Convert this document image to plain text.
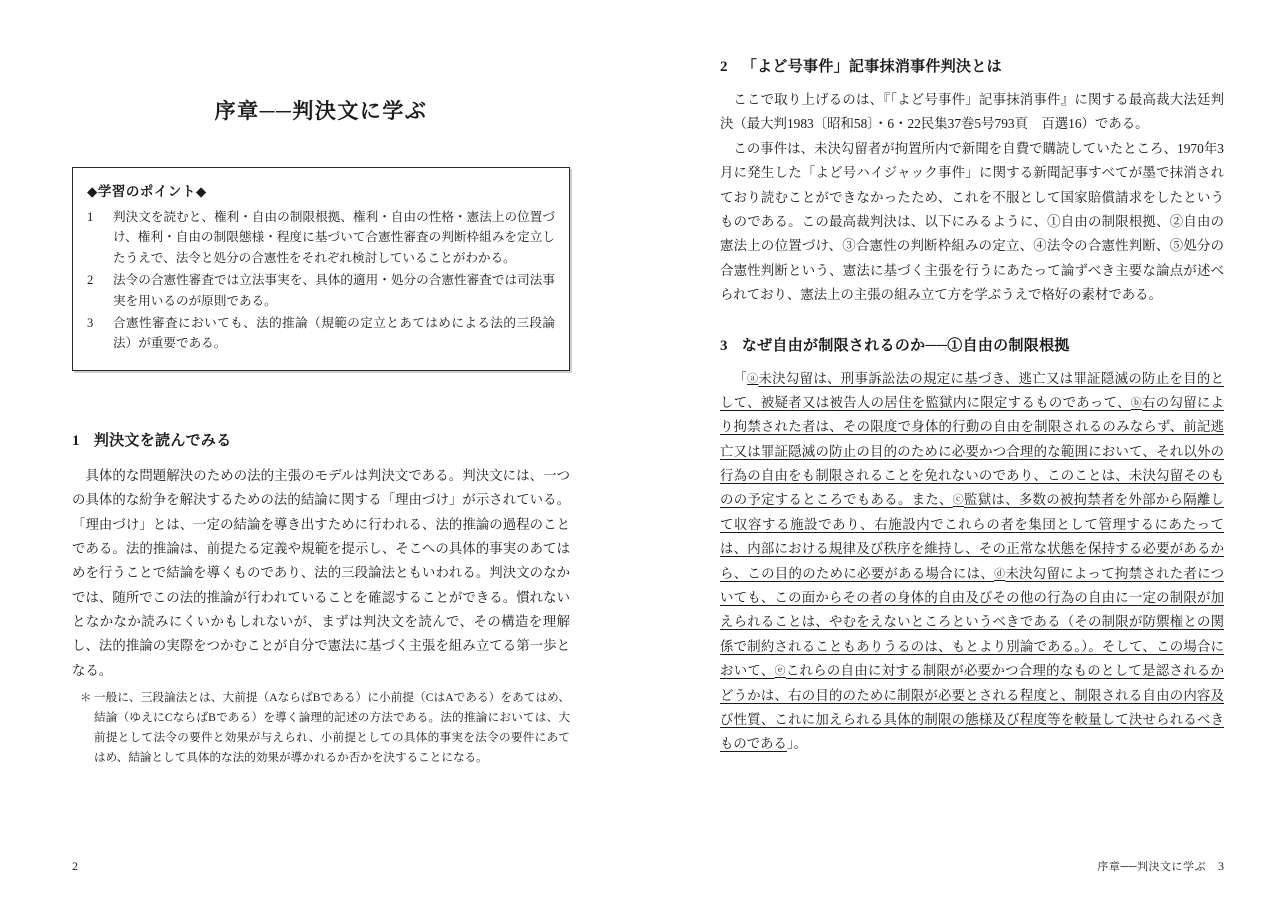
序章──判決文に学ぶ
◆学習のポイント◆
1	判決文を読むと、権利・自由の制限根拠、権利・自由の性格・憲法上の位置づけ、権利・自由の制限態様・程度に基づいて合憲性審査の判断枠組みを定立したうえで、法令と処分の合憲性をそれぞれ検討していることがわかる。
2	法令の合憲性審査では立法事実を、具体的適用・処分の合憲性審査では司法事実を用いるのが原則である。
3	合憲性審査においても、法的推論（規範の定立とあてはめによる法的三段論法）が重要である。
1 判決文を読んでみる

具体的な問題解決のための法的主張のモデルは判決文である。判決文には、一つの具体的な紛争を解決するための法的結論に関する「理由づけ」が示されている。「理由づけ」とは、一定の結論を導き出すために行われる、法的推論の過程のことである。法的推論は、前提たる定義や規範を提示し、そこへの具体的事実のあてはめを行うことで結論を導くものであり、法的三段論法ともいわれる。判決文のなかでは、随所でこの法的推論が行われていることを確認することができる。慣れないとなかなか読みにくいかもしれないが、まずは判決文を読んで、その構造を理解し、法的推論の実際をつかむことが自分で憲法に基づく主張を組み立てる第一歩となる。

＊ 一般に、三段論法とは、大前提（AならばBである）に小前提（CはAである）をあてはめ、結論（ゆえにCならばBである）を導く論理的記述の方法である。法的推論においては、大前提として法令の要件と効果が与えられ、小前提としての具体的事実を法令の要件にあてはめ、結論として具体的な法的効果が導かれるか否かを決することになる。
2
2 「よど号事件」記事抹消事件判決とは

ここで取り上げるのは、『「よど号事件」記事抹消事件』に関する最高裁大法廷判決（最大判1983〔昭和58〕・6・22民集37巻5号793頁　百選16）である。

この事件は、未決勾留者が拘置所内で新聞を自費で購読していたところ、1970年3月に発生した「よど号ハイジャック事件」に関する新聞記事すべてが墨で抹消されており読むことができなかったため、これを不服として国家賠償請求をしたというものである。この最高裁判決は、以下にみるように、①自由の制限根拠、②自由の憲法上の位置づけ、③合憲性の判断枠組みの定立、④法令の合憲性判断、⑤処分の合憲性判断という、憲法に基づく主張を行うにあたって論ずべき主要な論点が述べられており、憲法上の主張の組み立て方を学ぶうえで格好の素材である。

3 なぜ自由が制限されるのか──①自由の制限根拠

「ⓐ未決勾留は、刑事訴訟法の規定に基づき、逃亡又は罪証隠滅の防止を目的として、被疑者又は被告人の居住を監獄内に限定するものであって、ⓑ右の勾留により拘禁された者は、その限度で身体的行動の自由を制限されるのみならず、前記逃亡又は罪証隠滅の防止の目的のために必要かつ合理的な範囲において、それ以外の行為の自由をも制限されることを免れないのであり、このことは、未決勾留そのものの予定するところでもある。また、ⓒ監獄は、多数の被拘禁者を外部から隔離して収容する施設であり、右施設内でこれらの者を集団として管理するにあたっては、内部における規律及び秩序を維持し、その正常な状態を保持する必要があるから、この目的のために必要がある場合には、ⓓ未決勾留によって拘禁された者についても、この面からその者の身体的自由及びその他の行為の自由に一定の制限が加えられることは、やむをえないところというべきである（その制限が防禦権との関係で制約されることもありうるのは、もとより別論である。）。そして、この場合において、ⓔこれらの自由に対する制限が必要かつ合理的なものとして是認されるかどうかは、右の目的のために制限が必要とされる程度と、制限される自由の内容及び性質、これに加えられる具体的制限の態様及び程度等を較量して決せられるべきものである」。

序章──判決文に学ぶ 3
